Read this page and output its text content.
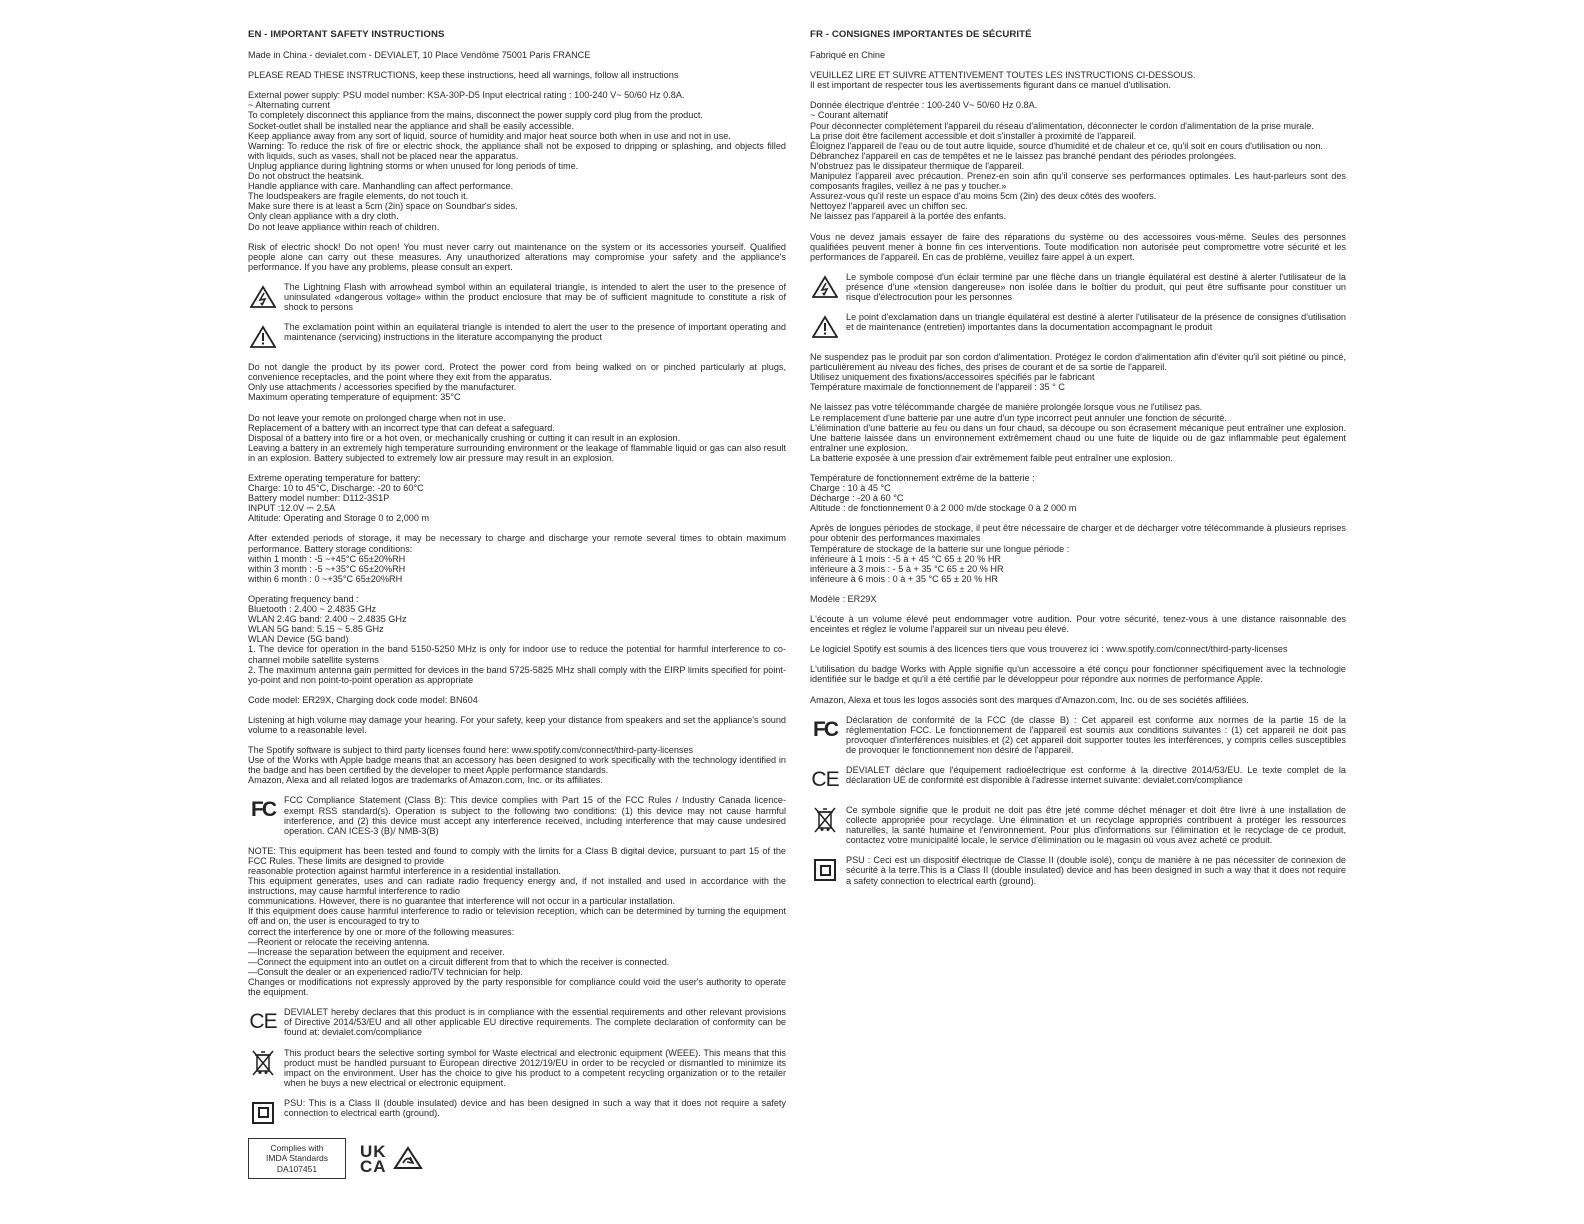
EN - IMPORTANT SAFETY INSTRUCTIONS
Made in China - devialet.com - DEVIALET, 10 Place Vendôme 75001 Paris FRANCE
PLEASE READ THESE INSTRUCTIONS, keep these instructions, heed all warnings, follow all instructions
External power supply: PSU model number: KSA-30P-D5 Input electrical rating : 100-240 V~ 50/60 Hz 0.8A.
~ Alternating current
To completely disconnect this appliance from the mains, disconnect the power supply cord plug from the product.
Socket-outlet shall be installed near the appliance and shall be easily accessible.
Keep appliance away from any sort of liquid, source of humidity and major heat source both when in use and not in use.
Warning: To reduce the risk of fire or electric shock, the appliance shall not be exposed to dripping or splashing, and objects filled with liquids, such as vases, shall not be placed near the apparatus.
Unplug appliance during lightning storms or when unused for long periods of time.
Do not obstruct the heatsink.
Handle appliance with care. Manhandling can affect performance.
The loudspeakers are fragile elements, do not touch it.
Make sure there is at least a 5cm (2in) space on Soundbar's sides.
Only clean appliance with a dry cloth.
Do not leave appliance within reach of children.
Risk of electric shock! Do not open! You must never carry out maintenance on the system or its accessories yourself. Qualified people alone can carry out these measures. Any unauthorized alterations may compromise your safety and the appliance's performance. If you have any problems, please consult an expert.
The Lightning Flash with arrowhead symbol within an equilateral triangle, is intended to alert the user to the presence of uninsulated «dangerous voltage» within the product enclosure that may be of sufficient magnitude to constitute a risk of shock to persons
The exclamation point within an equilateral triangle is intended to alert the user to the presence of important operating and maintenance (servicing) instructions in the literature accompanying the product
Do not dangle the product by its power cord. Protect the power cord from being walked on or pinched particularly at plugs, convenience receptacles, and the point where they exit from the apparatus.
Only use attachments / accessories specified by the manufacturer.
Maximum operating temperature of equipment: 35°C
Do not leave your remote on prolonged charge when not in use.
Replacement of a battery with an incorrect type that can defeat a safeguard.
Disposal of a battery into fire or a hot oven, or mechanically crushing or cutting it can result in an explosion.
Leaving a battery in an extremely high temperature surrounding environment or the leakage of flammable liquid or gas can also result in an explosion. Battery subjected to extremely low air pressure may result in an explosion.
Extreme operating temperature for battery:
Charge: 10 to 45°C, Discharge: -20 to 60°C
Battery model number: D112-3S1P
INPUT :12.0V ⎓ 2.5A
Altitude: Operating and Storage 0 to 2,000 m
After extended periods of storage, it may be necessary to charge and discharge your remote several times to obtain maximum performance. Battery storage conditions:
within 1 month : -5 ~+45°C 65±20%RH
within 3 month : -5 ~+35°C 65±20%RH
within 6 month : 0 ~+35°C 65±20%RH
Operating frequency band :
Bluetooth : 2.400 ~ 2.4835 GHz
WLAN 2.4G band: 2.400 ~ 2.4835 GHz
WLAN 5G band: 5.15 ~ 5.85 GHz
WLAN Device (5G band)
1. The device for operation in the band 5150-5250 MHz is only for indoor use to reduce the potential for harmful interference to co-channel mobile satellite systems
2. The maximum antenna gain permitted for devices in the band 5725-5825 MHz shall comply with the EIRP limits specified for point-yo-point and non point-to-point operation as appropriate
Code model: ER29X, Charging dock code model: BN604
Listening at high volume may damage your hearing. For your safety, keep your distance from speakers and set the appliance's sound volume to a reasonable level.
The Spotify software is subject to third party licenses found here: www.spotify.com/connect/third-party-licenses
Use of the Works with Apple badge means that an accessory has been designed to work specifically with the technology identified in the badge and has been certified by the developer to meet Apple performance standards.
Amazon, Alexa and all related logos are trademarks of Amazon.com, Inc. or its affiliates.
FC FCC Compliance Statement (Class B): This device complies with Part 15 of the FCC Rules / Industry Canada licence-exempt RSS standard(s). Operation is subject to the following two conditions: (1) this device may not cause harmful interference, and (2) this device must accept any interference received, including interference that may cause undesired operation. CAN ICES-3 (B)/ NMB-3(B)
NOTE: This equipment has been tested and found to comply with the limits for a Class B digital device, pursuant to part 15 of the FCC Rules. These limits are designed to provide
reasonable protection against harmful interference in a residential installation.
This equipment generates, uses and can radiate radio frequency energy and, if not installed and used in accordance with the instructions, may cause harmful interference to radio
communications. However, there is no guarantee that interference will not occur in a particular installation.
If this equipment does cause harmful interference to radio or television reception, which can be determined by turning the equipment off and on, the user is encouraged to try to
correct the interference by one or more of the following measures:
—Reorient or relocate the receiving antenna.
—Increase the separation between the equipment and receiver.
—Connect the equipment into an outlet on a circuit different from that to which the receiver is connected.
—Consult the dealer or an experienced radio/TV technician for help.
Changes or modifications not expressly approved by the party responsible for compliance could void the user's authority to operate the equipment.
CE DEVIALET hereby declares that this product is in compliance with the essential requirements and other relevant provisions of Directive 2014/53/EU and all other applicable EU directive requirements. The complete declaration of conformity can be found at: devialet.com/compliance
This product bears the selective sorting symbol for Waste electrical and electronic equipment (WEEE). This means that this product must be handled pursuant to European directive 2012/19/EU in order to be recycled or dismantled to minimize its impact on the environment. User has the choice to give his product to a competent recycling organization or to the retailer when he buys a new electrical or electronic equipment.
PSU: This is a Class II (double insulated) device and has been designed in such a way that it does not require a safety connection to electrical earth (ground).
Complies with
IMDA Standards
DA107451
UK
CA
FR - CONSIGNES IMPORTANTES DE SÉCURITÉ
Fabriqué en Chine
VEUILLEZ LIRE ET SUIVRE ATTENTIVEMENT TOUTES LES INSTRUCTIONS CI-DESSOUS.
Il est important de respecter tous les avertissements figurant dans ce manuel d'utilisation.
Donnée électrique d'entrée : 100-240 V~ 50/60 Hz 0.8A.
~ Courant alternatif
Pour déconnecter complètement l'appareil du réseau d'alimentation, déconnecter le cordon d'alimentation de la prise murale.
La prise doit être facilement accessible et doit s'installer à proximité de l'appareil.
Éloignez l'appareil de l'eau ou de tout autre liquide, source d'humidité et de chaleur et ce, qu'il soit en cours d'utilisation ou non.
Débranchez l'appareil en cas de tempêtes et ne le laissez pas branché pendant des périodes prolongées.
N'obstruez pas le dissipateur thermique de l'appareil.
Manipulez l'appareil avec précaution. Prenez-en soin afin qu'il conserve ses performances optimales. Les haut-parleurs sont des composants fragiles, veillez à ne pas y toucher.»
Assurez-vous qu'il reste un espace d'au moins 5cm (2in) des deux côtés des woofers.
Nettoyez l'appareil avec un chiffon sec.
Ne laissez pas l'appareil à la portée des enfants.
Vous ne devez jamais essayer de faire des réparations du système ou des accessoires vous-même. Seules des personnes qualifiées peuvent mener à bonne fin ces interventions. Toute modification non autorisée peut compromettre votre sécurité et les performances de l'appareil. En cas de problème, veuillez faire appel à un expert.
Le symbole composé d'un éclair terminé par une flèche dans un triangle équilatéral est destiné à alerter l'utilisateur de la présence d'une «tension dangereuse» non isolée dans le boîtier du produit, qui peut être suffisante pour constituer un risque d'électrocution pour les personnes
Le point d'exclamation dans un triangle équilatéral est destiné à alerter l'utilisateur de la présence de consignes d'utilisation et de maintenance (entretien) importantes dans la documentation accompagnant le produit
Ne suspendez pas le produit par son cordon d'alimentation. Protégez le cordon d'alimentation afin d'éviter qu'il soit piétiné ou pincé, particulièrement au niveau des fiches, des prises de courant et de sa sortie de l'appareil.
Utilisez uniquement des fixations/accessoires spécifiés par le fabricant
Température maximale de fonctionnement de l'appareil : 35 ° C
Ne laissez pas votre télécommande chargée de manière prolongée lorsque vous ne l'utilisez pas.
Le remplacement d'une batterie par une autre d'un type incorrect peut annuler une fonction de sécurité.
L'élimination d'une batterie au feu ou dans un four chaud, sa découpe ou son écrasement mécanique peut entraîner une explosion. Une batterie laissée dans un environnement extrêmement chaud ou une fuite de liquide ou de gaz inflammable peut également entraîner une explosion.
La batterie exposée à une pression d'air extrêmement faible peut entraîner une explosion.
Température de fonctionnement extrême de la batterie :
Charge : 10 à 45 °C
Décharge : -20 à 60 °C
Altitude : de fonctionnement 0 à 2 000 m/de stockage 0 à 2 000 m
Après de longues périodes de stockage, il peut être nécessaire de charger et de décharger votre télécommande à plusieurs reprises pour obtenir des performances maximales
Température de stockage de la batterie sur une longue période :
inférieure à 1 mois : -5 à + 45 °C 65 ± 20 % HR
inférieure à 3 mois : - 5 à + 35 °C 65 ± 20 % HR
inférieure à 6 mois : 0 à + 35 °C 65 ± 20 % HR
Modèle : ER29X
L'écoute à un volume élevé peut endommager votre audition. Pour votre sécurité, tenez-vous à une distance raisonnable des enceintes et réglez le volume l'appareil sur un niveau peu élevé.
Le logiciel Spotify est soumis à des licences tiers que vous trouverez ici : www.spotify.com/connect/third-party-licenses
L'utilisation du badge Works with Apple signifie qu'un accessoire a été conçu pour fonctionner spécifiquement avec la technologie identifiée sur le badge et qu'il a été certifié par le développeur pour répondre aux normes de performance Apple.
Amazon, Alexa et tous les logos associés sont des marques d'Amazon.com, Inc. ou de ses sociétés affiliées.
FC Déclaration de conformité de la FCC (de classe B) : Cet appareil est conforme aux normes de la partie 15 de la réglementation FCC. Le fonctionnement de l'appareil est soumis aux conditions suivantes : (1) cet appareil ne doit pas provoquer d'interférences nuisibles et (2) cet appareil doit supporter toutes les interférences, y compris celles susceptibles de provoquer le fonctionnement non désiré de l'appareil.
CE DEVIALET déclare que l'équipement radioélectrique est conforme à la directive 2014/53/EU. Le texte complet de la déclaration UE de conformité est disponible à l'adresse internet suivante: devialet.com/compliance
Ce symbole signifie que le produit ne doit pas être jeté comme déchet ménager et doit être livré à une installation de collecte appropriée pour recyclage. Une élimination et un recyclage appropriés contribuent à protéger les ressources naturelles, la santé humaine et l'environnement. Pour plus d'informations sur l'élimination et le recyclage de ce produit, contactez votre municipalité locale, le service d'élimination ou le magasin où vous avez acheté ce produit.
PSU : Ceci est un dispositif électrique de Classe II (double isolé), conçu de manière à ne pas nécessiter de connexion de sécurité à la terre.This is a Class II (double insulated) device and has been designed in such a way that it does not require a safety connection to electrical earth (ground).
